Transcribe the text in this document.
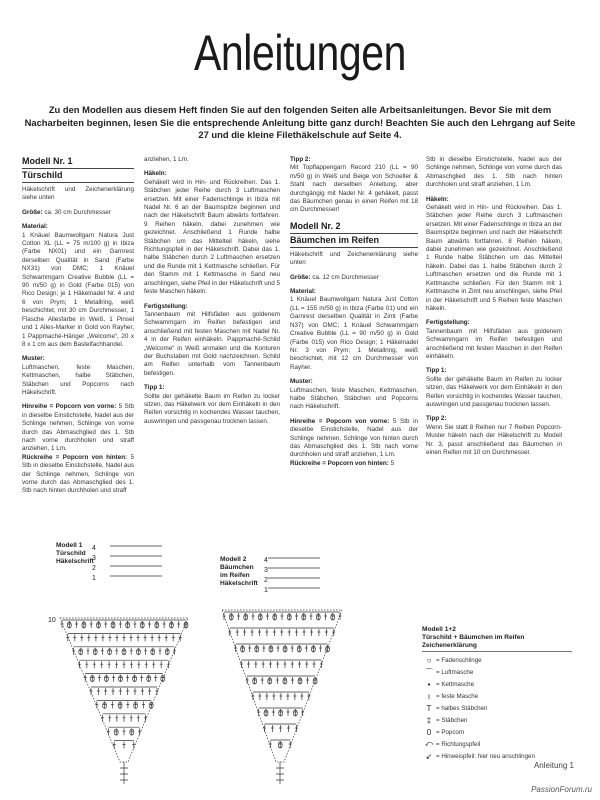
Anleitungen
Zu den Modellen aus diesem Heft finden Sie auf den folgenden Seiten alle Arbeitsanleitungen. Bevor Sie mit dem Nacharbeiten beginnen, lesen Sie die entsprechende Anleitung bitte ganz durch! Beachten Sie auch den Lehrgang auf Seite 27 und die kleine Filethäkelschule auf Seite 4.
Modell Nr. 1
Türschild

Häkelschrift und Zeichenerklärung siehe unten

Größe: ca. 30 cm Durchmesser

Material:

1 Knäuel Baumwollgarn Natura Just Cotton XL (LL = 75 m/100 g) in Ibiza (Farbe NX01) und ein Garnrest derselben Qualität in Sand (Farbe NX31) von DMC; 1 Knäuel Schwammgarn Creative Bubble (LL = 90 m/50 g) in Gold (Farbe 015) von Rico Design; je 1 Häkelnadel Nr. 4 und 6 von Prym; 1 Metallring, weiß beschichtet, mit 30 cm Durchmesser, 1 Flasche Allesfarbe in Weiß, 1 Pinsel und 1 Alles-Marker in Gold von Rayher, 1 Pappmaché-Hänger „Welcome“, 20 x 8 x 1 cm aus dem Bastelfachhandel.

Muster:

Luftmaschen, feste Maschen, Kettmaschen, halbe Stäbchen, Stäbchen und Popcorns nach Häkelschrift.

Hinreihe = Popcorn von vorne: 5 Stb in dieselbe Einstichstelle, Nadel aus der Schlinge nehmen, Schlinge von vorne durch das Abmaschglied des 1. Stb nach vorne durchholen und straff anziehen, 1 Lm.

Rückreihe = Popcorn von hinten: 5 Stb in dieselbe Einstichstelle, Nadel aus der Schlinge nehmen, Schlinge von vorne durch das Abmaschglied des 1. Stb nach hinten durchholen und straff

anziehen, 1 Lm.

Häkeln:

Gehäkelt wird in Hin- und Rückreihen. Das 1. Stäbchen jeder Reihe durch 3 Luftmaschen ersetzen. Mit einer Fadenschlinge in Ibiza mit Nadel Nr. 6 an der Baumspitze beginnen und nach der Häkelschrift Baum abwärts fortfahren. 9 Reihen häkeln, dabei zunehmen wie gezeichnet. Anschließend 1 Runde halbe Stäbchen um das Mittelteil häkeln, siehe Richtungspfeil in der Häkelschrift. Dabei das 1. halbe Stäbchen durch 2 Luftmaschen ersetzen und die Runde mit 1 Kettmasche schließen. Für den Stamm mit 1 Kettmasche in Sand neu anschlingen, siehe Pfeil in der Häkelschrift und 5 feste Maschen häkeln.

Fertigstellung:

Tannenbaum mit Hilfsfäden aus goldenem Schwammgarn im Reifen befestigen und anschließend mit festen Maschen mit Nadel Nr. 4 in der Reifen einhäkeln. Pappmaché-Schild „Welcome“ in Weiß anmalen und die Konturen der Buchstaben mit Gold nachzeichnen. Schild am Reifen unterhalb vom Tannenbaum befestigen.

Tipp 1:

Sollte der gehäkelte Baum im Reifen zu locker sitzen, das Häkelwerk vor dem Einhäkeln in den Reifen vorsichtig in kochendes Wasser tauchen, auswringen und passgenau trocknen lassen.

Tipp 2:

Mit Topflappengarn Record 210 (LL = 90 m/50 g) in Weiß und Beige von Schoeller & Stahl nach derselben Anleitung, aber durchgängig mit Nadel Nr. 4 gehäkelt, passt das Bäumchen genau in einen Reifen mit 18 cm Durchmesser!

Modell Nr. 2
Bäumchen im Reifen

Häkelschrift und Zeichenerklärung siehe unten

Größe: ca. 12 cm Durchmesser

Material:

1 Knäuel Baumwollgarn Natura Just Cotton (LL = 155 m/50 g) in Ibiza (Farbe 01) und ein Garnrest derselben Qualität in Zimt (Farbe N37) von DMC; 1 Knäuel Schwammgarn Creative Bubble (LL = 90 m/50 g) in Gold (Farbe 015) von Rico Design; 1 Häkelnadel Nr. 3 von Prym; 1 Metallring, weiß beschichtet, mit 12 cm Durchmesser von Rayher.

Muster:

Luftmaschen, feste Maschen, Kettmaschen, halbe Stäbchen, Stäbchen und Popcorns nach Häkelschrift.

Hinreihe = Popcorn von vorne: 5 Stb in dieselbe Einstichstelle, Nadel aus der Schlinge nehmen, Schlinge von hinten durch das Abmaschglied des 1. Stb nach vorne durchholen und straff anziehen, 1 Lm.

Rückreihe = Popcorn von hinten: 5

Stb in dieselbe Einstichstelle, Nadel aus der Schlinge nehmen, Schlinge von vorne durch das Abmaschglied des 1. Stb nach hinten durchholen und straff anziehen, 1 Lm.

Häkeln:

Gehäkelt wird in Hin- und Rückreihen. Das 1. Stäbchen jeder Reihe durch 3 Luftmaschen ersetzen. Mit einer Fadenschlinge in Ibiza an der Baumspitze beginnen und nach der Häkelschrift Baum abwärts fortfahren. 8 Reihen häkeln, dabei zunehmen wie gezeichnet. Anschließend 1 Runde halbe Stäbchen um das Mittelteil häkeln. Dabei das 1. halbe Stäbchen durch 2 Luftmaschen ersetzen und die Runde mit 1 Kettmasche schließen. Für den Stamm mit 1 Kettmasche in Zimt neu anschlingen, siehe Pfeil in der Häkelschrift und 5 Reihen feste Maschen häkeln.

Fertigstellung:

Tannenbaum mit Hilfsfäden aus goldenem Schwammgarn im Reifen befestigen und anschließend mit festen Maschen in den Reifen einhäkeln.

Tipp 1:

Sollte der gehäkelte Baum im Reifen zu locker sitzen, das Häkelwerk vor dem Einhäkeln in den Reifen vorsichtig in kochendes Wasser tauchen, auswringen und passgenau trocknen lassen.

Tipp 2:

Wenn Sie statt 8 Reihen nur 7 Reihen Popcorn-Muster häkeln nach der Häkelschrift zu Modell Nr. 3, passt anschließend das Bäumchen in einen Reifen mit 10 cm Durchmesser.

Modell 1
Türschild
Häkelschrift
4
3
2
1
10
Modell 2
Bäumchen
im Reifen
Häkelschrift
4
3
2
1
Modell 1+2
Türschild + Bäumchen im Reifen
Zeichenerklärung
○ = Fadenschlinge
⌒ = Luftmasche
• = Kettmasche
ı = feste Masche
T = halbes Stäbchen
‡ = Stäbchen
0 = Popcorn
⤺ = Richtungspfeil
↙ = Hinweispfeil: hier neu anschlingen
Anleitung 1
PassionForum.ru
